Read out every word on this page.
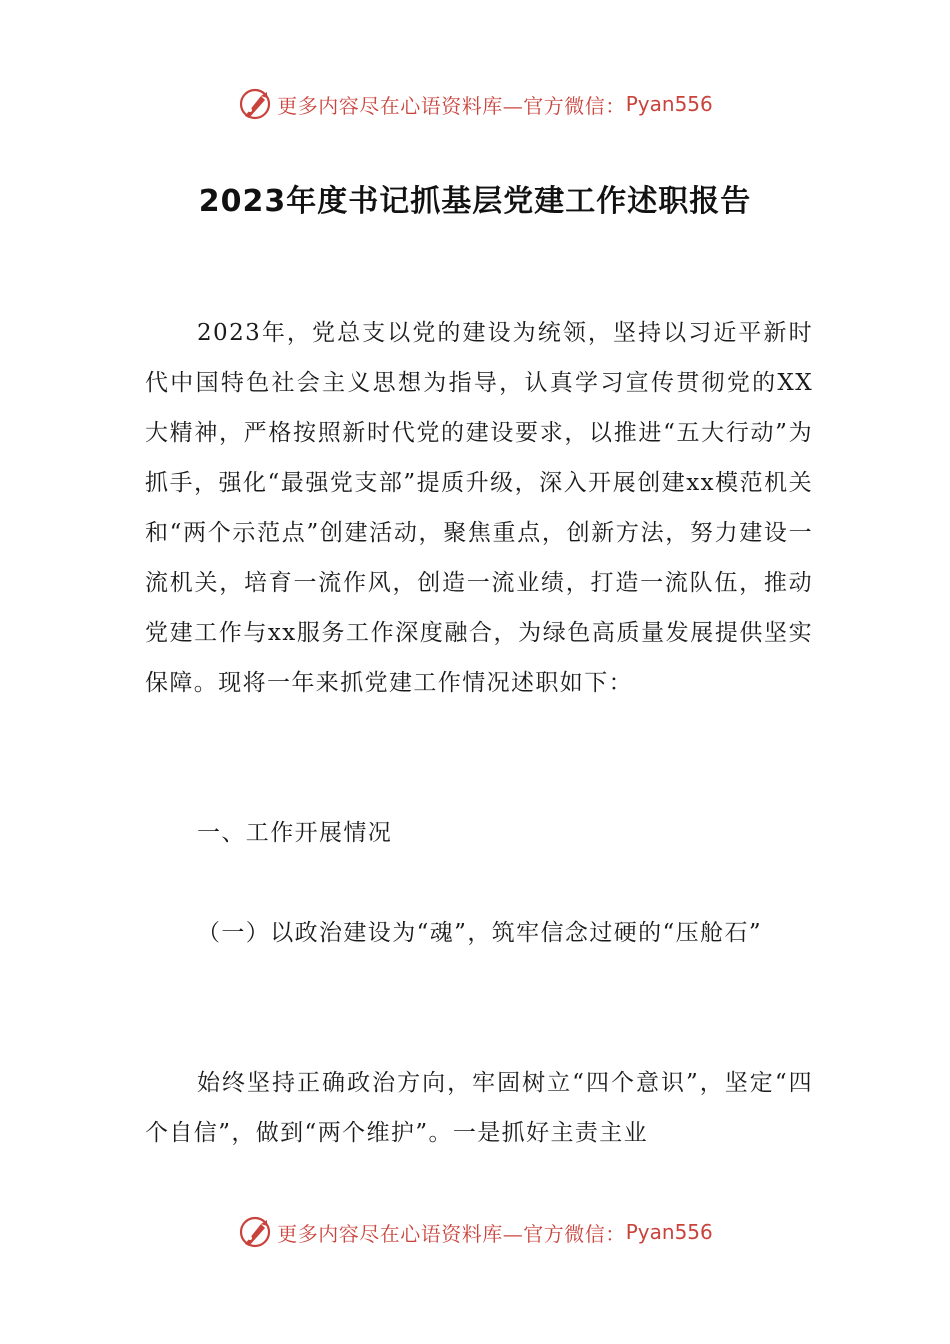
更多内容尽在心语资料库—官方微信： Pyan556
2023年度书记抓基层党建工作述职报告

2023年，党总支以党的建设为统领，坚持以习近平新时代中国特色社会主义思想为指导，认真学习宣传贯彻党的XX大精神，严格按照新时代党的建设要求，以推进“五大行动”为抓手，强化“最强党支部”提质升级，深入开展创建xx模范机关和“两个示范点”创建活动，聚焦重点，创新方法，努力建设一流机关，培育一流作风，创造一流业绩，打造一流队伍，推动党建工作与xx服务工作深度融合，为绿色高质量发展提供坚实保障。现将一年来抓党建工作情况述职如下：

一、工作开展情况

（一）以政治建设为“魂”，筑牢信念过硬的“压舱石”

始终坚持正确政治方向，牢固树立“四个意识”，坚定“四个自信”，做到“两个维护”。一是抓好主责主业

更多内容尽在心语资料库—官方微信： Pyan556
